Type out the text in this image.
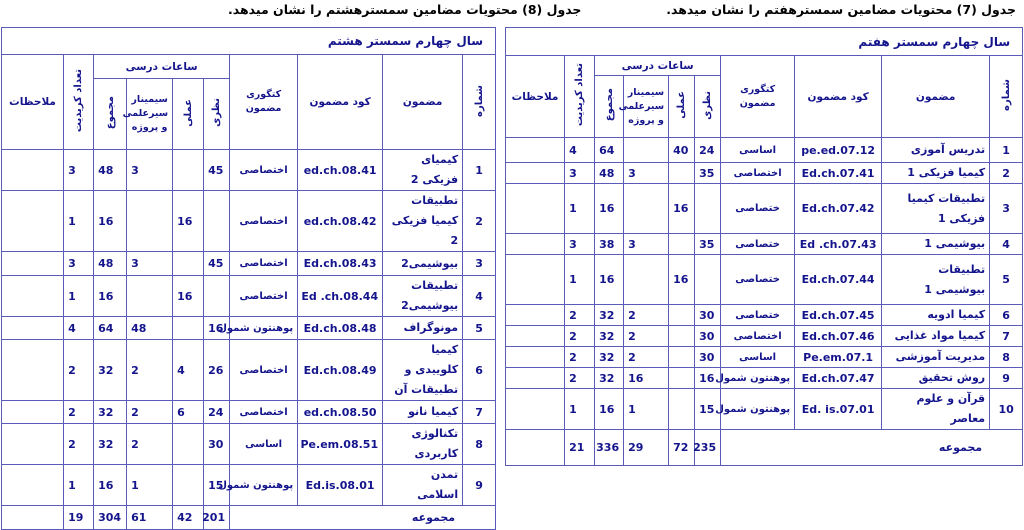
جدول (7) محتویات مضامین سمسترهفتم را نشان میدهد.
جدول (8) محتویات مضامین سمسترهشتم را نشان میدهد.
سال چهارم سمستر هفتم									
شماره	مضمون	کود مضمون	کتگوری مضمون	ساعات درسی				تعداد کریدیت	ملاحظات
				نظری	عملی	سیمینار سیرعلمی و پروژه	مجموع		
1	تدریس آموزی	pe.ed.07.12	اساسی	24	40		64	4	
2	کیمیا فزیکی 1	Ed.ch.07.41	اختصاصی	35		3	48	3	
3	تطبیقات کیمیا فزیکی 1	Ed.ch.07.42	ختصاصی		16		16	1	
4	بیوشیمی 1	Ed .ch.07.43	ختصاصی	35		3	38	3	
5	تطبیقات بیوشیمی 1	Ed.ch.07.44	ختصاصی		16		16	1	
6	کیمیا ادویه	Ed.ch.07.45	ختصاصی	30		2	32	2	
7	کیمیا مواد غذایی	Ed.ch.07.46	اختصاصی	30		2	32	2	
8	مدیریت آموزشی	Pe.em.07.1	اساسی	30		2	32	2	
9	روش تحقیق	Ed.ch.07.47	پوهنتون شمول	16		16	32	2	
10	قرآن و علوم معاصر	Ed. is.07.01	پوهنتون شمول	15		1	16	1	
مجموعه				235	72	29	336	21	
سال چهارم سمستر هشتم									
شماره	مضمون	کود مضمون	کتگوری مضمون	ساعات درسی				تعداد کریدیت	ملاحظات
				نظری	عملی	سیمینار سیرعلمی و پروژه	مجموع		
1	کیمیای فزیکی 2	ed.ch.08.41	اختصاصی	45		3	48	3	
2	تطبیقات کیمیا فزیکی 2	ed.ch.08.42	اختصاصی		16		16	1	
3	بیوشیمی2	Ed.ch.08.43	اختصاصی	45		3	48	3	
4	تطبیقات بیوشیمی2	Ed .ch.08.44	اختصاصی		16		16	1	
5	مونوگراف	Ed.ch.08.48	پوهنتون شمول	16		48	64	4	
6	کیمیا کلوییدی و تطبیقات آن	Ed.ch.08.49	اختصاصی	26	4	2	32	2	
7	کیمیا نانو	ed.ch.08.50	اختصاصی	24	6	2	32	2	
8	تکنالوژی کاربردی	Pe.em.08.51	اساسی	30		2	32	2	
9	تمدن اسلامی	Ed.is.08.01	پوهنتون شمول	15		1	16	1	
مجموعه				201	42	61	304	19	
